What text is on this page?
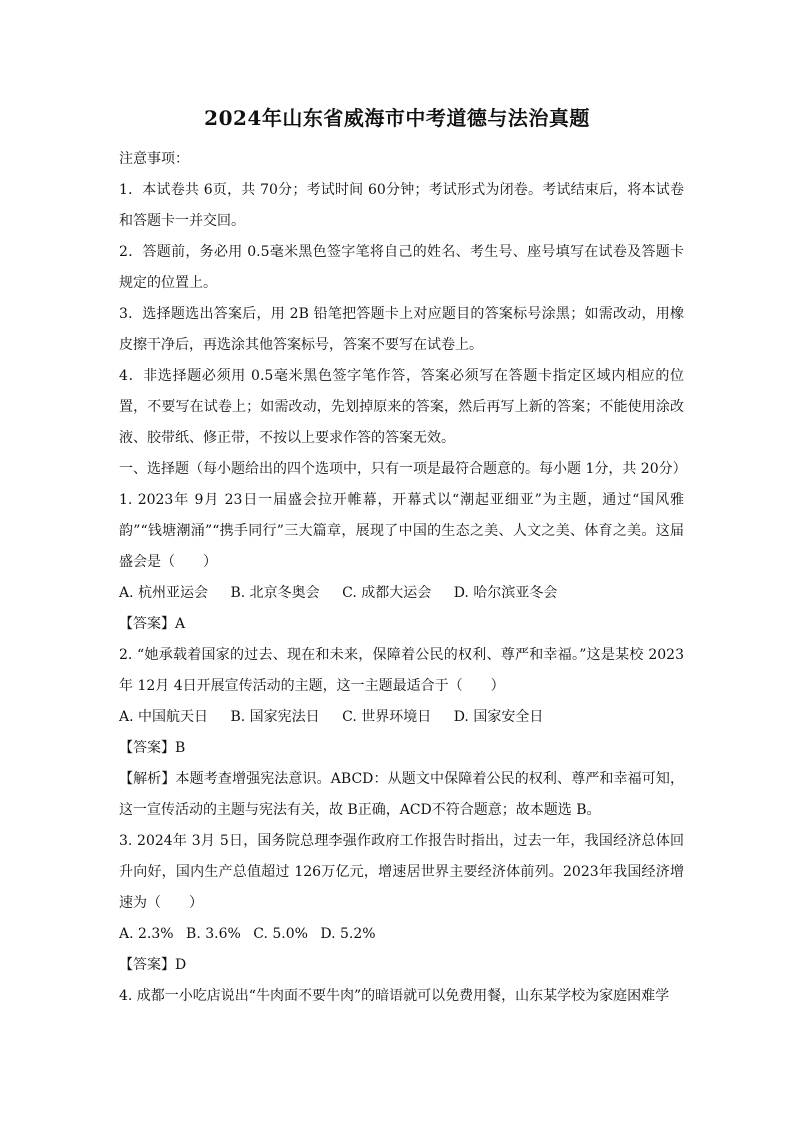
2024年山东省威海市中考道德与法治真题

注意事项：

1．本试卷共 6页，共 70分；考试时间 60分钟；考试形式为闭卷。考试结束后，将本试卷和答题卡一并交回。

2．答题前，务必用 0.5毫米黑色签字笔将自己的姓名、考生号、座号填写在试卷及答题卡规定的位置上。

3．选择题选出答案后，用 2B 铅笔把答题卡上对应题目的答案标号涂黑；如需改动，用橡皮擦干净后，再选涂其他答案标号，答案不要写在试卷上。

4．非选择题必须用 0.5毫米黑色签字笔作答，答案必须写在答题卡指定区域内相应的位置，不要写在试卷上；如需改动，先划掉原来的答案，然后再写上新的答案；不能使用涂改液、胶带纸、修正带，不按以上要求作答的答案无效。

一、选择题（每小题给出的四个选项中，只有一项是最符合题意的。每小题 1分，共 20分）

1. 2023年 9月 23日一届盛会拉开帷幕，开幕式以“潮起亚细亚”为主题，通过“国风雅韵”“钱塘潮涌”“携手同行”三大篇章，展现了中国的生态之美、人文之美、体育之美。这届盛会是（　　）

A. 杭州亚运会 B. 北京冬奥会 C. 成都大运会 D. 哈尔滨亚冬会

【答案】A

2. “她承载着国家的过去、现在和未来，保障着公民的权利、尊严和幸福。”这是某校 2023年 12月 4日开展宣传活动的主题，这一主题最适合于（　　）

A. 中国航天日 B. 国家宪法日 C. 世界环境日 D. 国家安全日

【答案】B

【解析】本题考查增强宪法意识。ABCD：从题文中保障着公民的权利、尊严和幸福可知，这一宣传活动的主题与宪法有关，故 B正确，ACD不符合题意；故本题选 B。

3. 2024年 3月 5日，国务院总理李强作政府工作报告时指出，过去一年，我国经济总体回升向好，国内生产总值超过 126万亿元，增速居世界主要经济体前列。2023年我国经济增速为（　　）

A. 2.3% B. 3.6% C. 5.0% D. 5.2%

【答案】D

4. 成都一小吃店说出“牛肉面不要牛肉”的暗语就可以免费用餐，山东某学校为家庭困难学
